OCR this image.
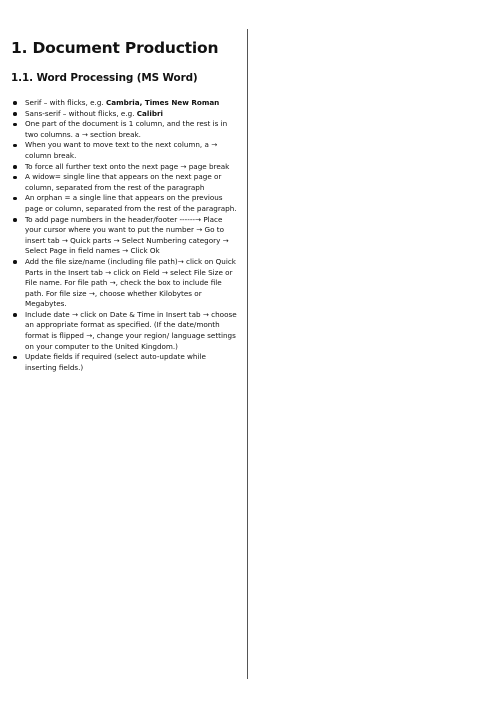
1. Document Production
1.1. Word Processing (MS Word)
Serif – with flicks, e.g. Cambria, Times New Roman
Sans-serif – without flicks, e.g. Calibri
One part of the document is 1 column, and the rest is in two columns. a → section break.
When you want to move text to the next column, a → column break.
To force all further text onto the next page → page break
A widow= single line that appears on the next page or column, separated from the rest of the paragraph
An orphan = a single line that appears on the previous page or column, separated from the rest of the paragraph.
To add page numbers in the header/footer ------→ Place your cursor where you want to put the number → Go to insert tab → Quick parts → Select Numbering category → Select Page in field names → Click Ok
Add the file size/name (including file path)→ click on Quick Parts in the Insert tab → click on Field → select File Size or File name. For file path →, check the box to include file path. For file size →, choose whether Kilobytes or Megabytes.
Include date → click on Date & Time in Insert tab → choose an appropriate format as specified. (If the date/month format is flipped →, change your region/ language settings on your computer to the United Kingdom.)
Update fields if required (select auto-update while inserting fields.)
